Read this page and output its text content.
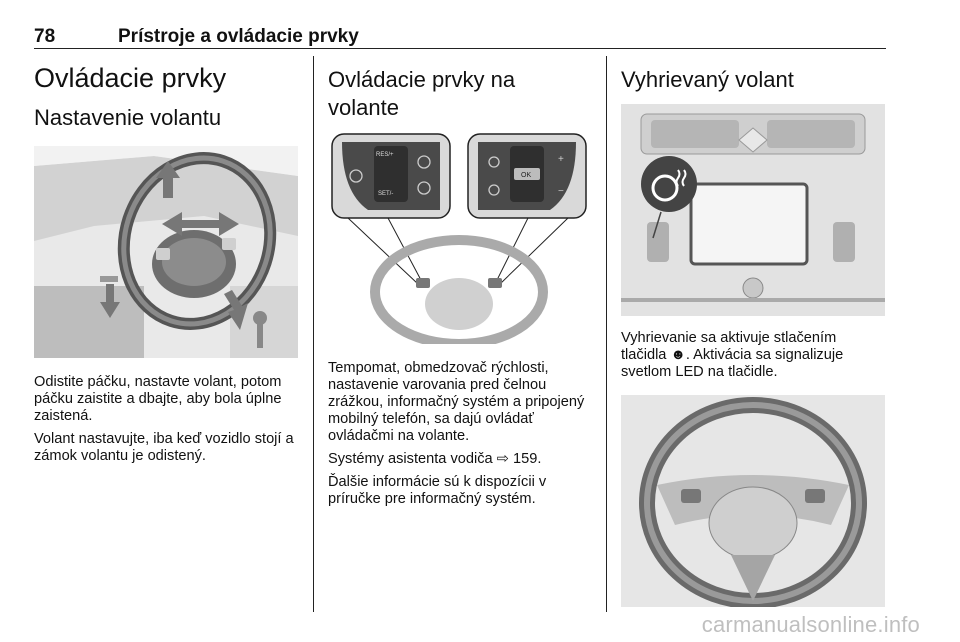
78	Prístroje a ovládacie prvky
Ovládacie prvky
Nastavenie volantu

Odistite páčku, nastavte volant, potom páčku zaistite a dbajte, aby bola úplne zaistená.

Volant nastavujte, iba keď vozidlo stojí a zámok volantu je odistený.

Ovládacie prvky na volante
RES/+
SET/-
OK
+
−

Tempomat, obmedzovač rýchlosti, nastavenie varovania pred čelnou zrážkou, informačný systém a pripojený mobilný telefón, sa dajú ovládať ovládačmi na volante.

Systémy asistenta vodiča ⇨ 159.

Ďalšie informácie sú k dispozícii v príručke pre informačný systém.

Vyhrievaný volant

Vyhrievanie sa aktivuje stlačením tlačidla ☻. Aktivácia sa signalizuje svetlom LED na tlačidle.

carmanualsonline.info
